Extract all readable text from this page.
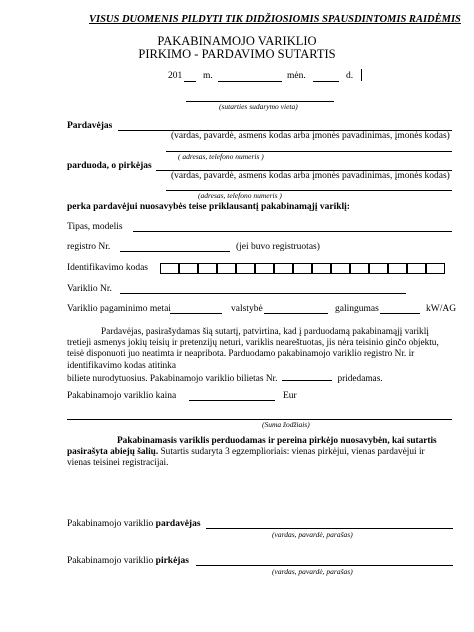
VISUS DUOMENIS PILDYTI TIK DIDŽIOSIOMIS SPAUSDINTOMIS RAIDĖMIS
PAKABINAMOJO VARIKLIO
PIRKIMO - PARDAVIMO SUTARTIS
201 m.	mėn.	d.
(sutarties sudarymo vieta)
Pardavėjas
(vardas, pavardė, asmens kodas arba įmonės pavadinimas, įmonės kodas)
( adresas, telefono numeris )
parduoda, o pirkėjas
(vardas, pavardė, asmens kodas arba įmonės pavadinimas, įmonės kodas)
(adresas, telefono numeris )
perka pardavėjui nuosavybės teise priklausantį pakabinamąjį variklį:
Tipas, modelis
registro Nr.	(jei buvo registruotas)
Identifikavimo kodas
Variklio Nr.
Variklio pagaminimo metai	valstybė	galingumas	kW/AG
Pardavėjas, pasirašydamas šią sutartį, patvirtina, kad į parduodamą pakabinamąjį variklį
tretieji asmenys jokių teisių ir pretenzijų neturi, variklis neareštuotas, jis nėra teisinio ginčo objektu,
teisė disponuoti juo neatimta ir neapribota. Parduodamo pakabinamojo variklio registro Nr. ir
identifikavimo kodas atitinka
biliete nurodytuosius. Pakabinamojo variklio bilietas Nr.	pridedamas.
Pakabinamojo variklio kaina	Eur
(Suma žodžiais)
Pakabinamasis variklis perduodamas ir pereina pirkėjo nuosavybėn, kai sutartis
pasirašyta abiejų šalių. Sutartis sudaryta 3 egzemplioriais: vienas pirkėjui, vienas pardavėjui ir
vienas teisinei registracijai.
Pakabinamojo variklio pardavėjas
(vardas, pavardė, parašas)
Pakabinamojo variklio pirkėjas
(vardas, pavardė, parašas)
